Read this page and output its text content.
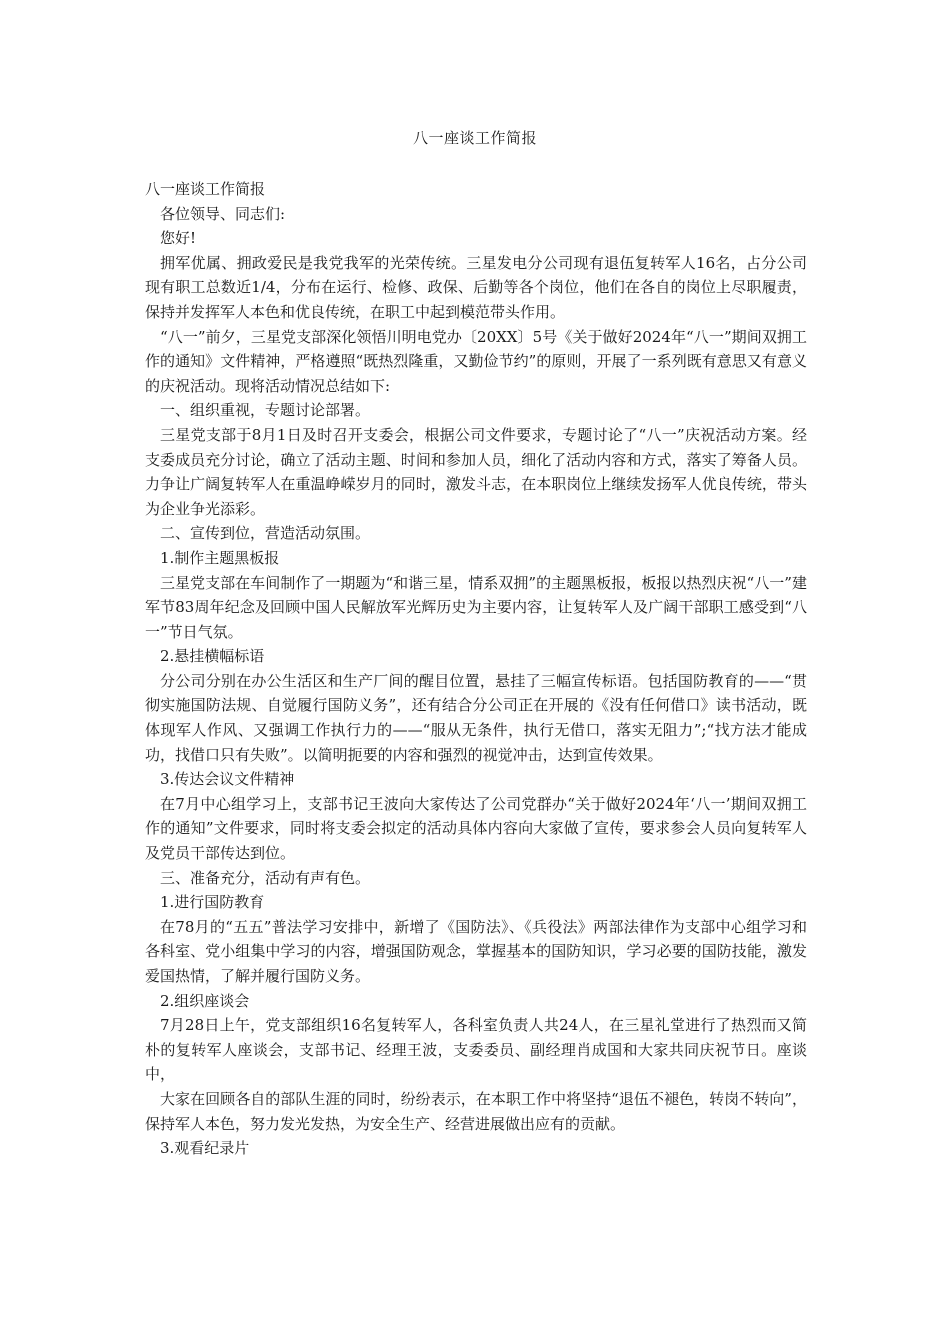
八一座谈工作简报

八一座谈工作简报

各位领导、同志们:

您好!

拥军优属、拥政爱民是我党我军的光荣传统。三星发电分公司现有退伍复转军人16名，占分公司现有职工总数近1/4，分布在运行、检修、政保、后勤等各个岗位，他们在各自的岗位上尽职履责，保持并发挥军人本色和优良传统，在职工中起到模范带头作用。

“八一”前夕，三星党支部深化领悟川明电党办〔20XX〕5号《关于做好2024年“八一”期间双拥工作的通知》文件精神，严格遵照“既热烈隆重，又勤俭节约”的原则，开展了一系列既有意思又有意义的庆祝活动。现将活动情况总结如下:

一、组织重视，专题讨论部署。

三星党支部于8月1日及时召开支委会，根据公司文件要求，专题讨论了“八一”庆祝活动方案。经支委成员充分讨论，确立了活动主题、时间和参加人员，细化了活动内容和方式，落实了筹备人员。力争让广阔复转军人在重温峥嵘岁月的同时，激发斗志，在本职岗位上继续发扬军人优良传统，带头为企业争光添彩。

二、宣传到位，营造活动氛围。

1.制作主题黑板报

三星党支部在车间制作了一期题为“和谐三星，情系双拥”的主题黑板报，板报以热烈庆祝“八一”建军节83周年纪念及回顾中国人民解放军光辉历史为主要内容，让复转军人及广阔干部职工感受到“八一”节日气氛。

2.悬挂横幅标语

分公司分别在办公生活区和生产厂间的醒目位置，悬挂了三幅宣传标语。包括国防教育的——“贯彻实施国防法规、自觉履行国防义务”，还有结合分公司正在开展的《没有任何借口》读书活动，既体现军人作风、又强调工作执行力的——“服从无条件，执行无借口，落实无阻力”;“找方法才能成功，找借口只有失败”。以简明扼要的内容和强烈的视觉冲击，达到宣传效果。

3.传达会议文件精神

在7月中心组学习上，支部书记王波向大家传达了公司党群办“关于做好2024年‘八一’期间双拥工作的通知”文件要求，同时将支委会拟定的活动具体内容向大家做了宣传，要求参会人员向复转军人及党员干部传达到位。

三、准备充分，活动有声有色。

1.进行国防教育

在78月的“五五”普法学习安排中，新增了《国防法》、《兵役法》两部法律作为支部中心组学习和各科室、党小组集中学习的内容，增强国防观念，掌握基本的国防知识，学习必要的国防技能，激发爱国热情，了解并履行国防义务。

2.组织座谈会

7月28日上午，党支部组织16名复转军人，各科室负责人共24人，在三星礼堂进行了热烈而又简朴的复转军人座谈会，支部书记、经理王波，支委委员、副经理肖成国和大家共同庆祝节日。座谈中，

大家在回顾各自的部队生涯的同时，纷纷表示，在本职工作中将坚持“退伍不褪色，转岗不转向”，保持军人本色，努力发光发热，为安全生产、经营进展做出应有的贡献。

3.观看纪录片
